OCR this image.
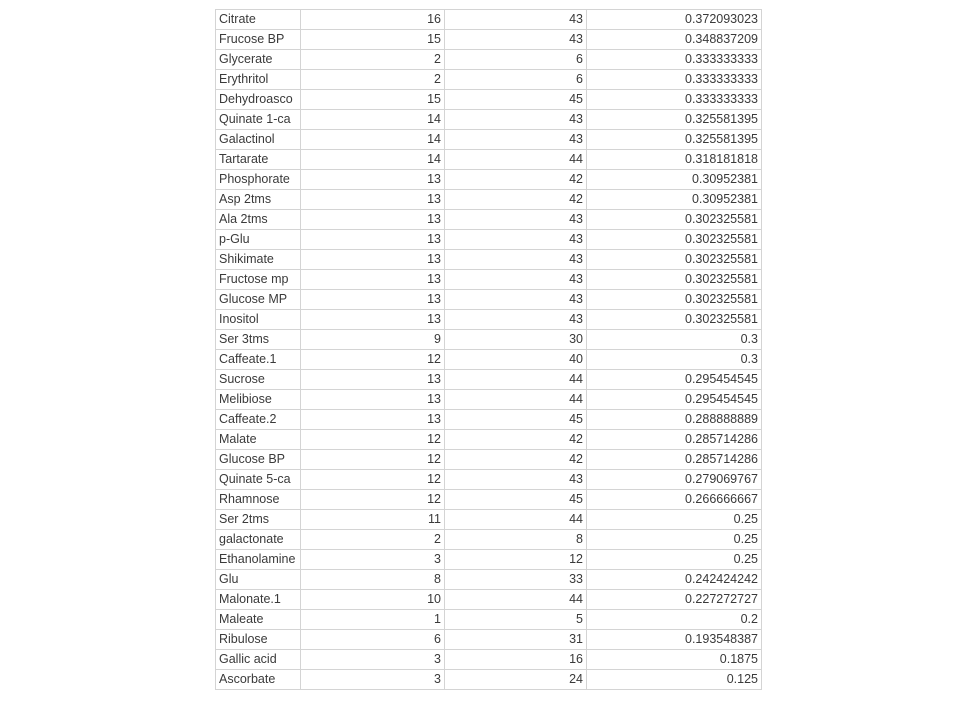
Citrate	16	43	0.372093023
Frucose BP	15	43	0.348837209
Glycerate	2	6	0.333333333
Erythritol	2	6	0.333333333
Dehydroasco	15	45	0.333333333
Quinate 1-ca	14	43	0.325581395
Galactinol	14	43	0.325581395
Tartarate	14	44	0.318181818
Phosphorate	13	42	0.30952381
Asp 2tms	13	42	0.30952381
Ala 2tms	13	43	0.302325581
p-Glu	13	43	0.302325581
Shikimate	13	43	0.302325581
Fructose mp	13	43	0.302325581
Glucose MP	13	43	0.302325581
Inositol	13	43	0.302325581
Ser 3tms	9	30	0.3
Caffeate.1	12	40	0.3
Sucrose	13	44	0.295454545
Melibiose	13	44	0.295454545
Caffeate.2	13	45	0.288888889
Malate	12	42	0.285714286
Glucose BP	12	42	0.285714286
Quinate 5-ca	12	43	0.279069767
Rhamnose	12	45	0.266666667
Ser 2tms	11	44	0.25
galactonate	2	8	0.25
Ethanolamine	3	12	0.25
Glu	8	33	0.242424242
Malonate.1	10	44	0.227272727
Maleate	1	5	0.2
Ribulose	6	31	0.193548387
Gallic acid	3	16	0.1875
Ascorbate	3	24	0.125
